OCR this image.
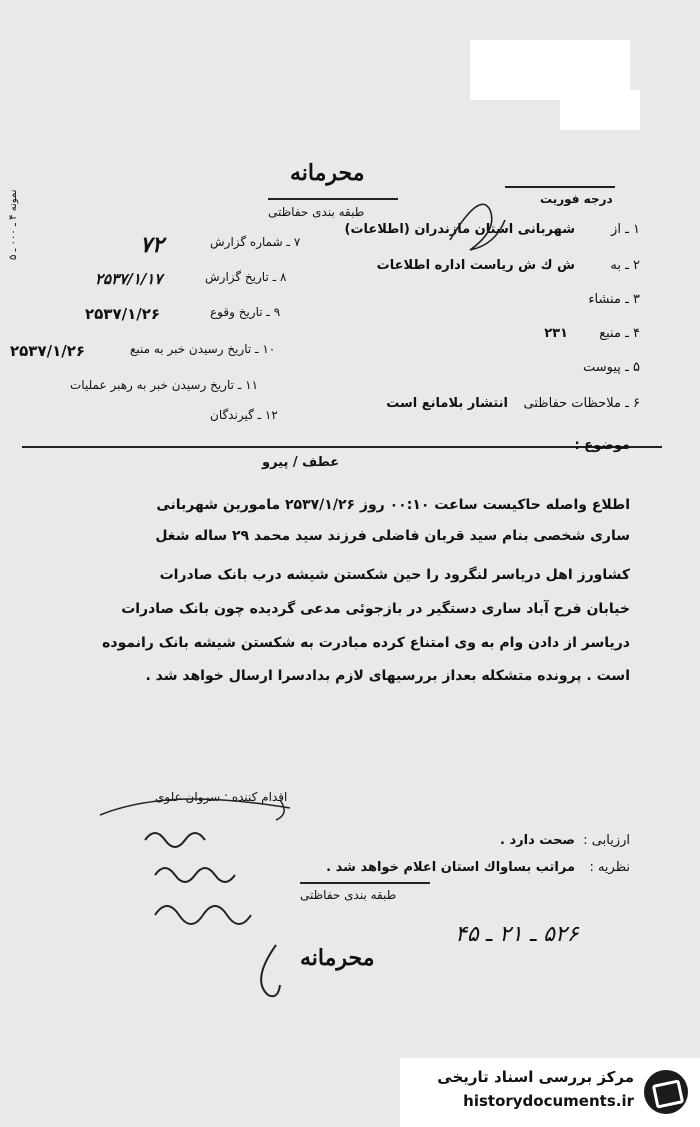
محرمانه
طبقه بندی حفاظتی
درجه فوریت
۱ ـ از
شهربانی استان مازندران (اطلاعات)
۲ ـ به
ش ك ش ریاست اداره اطلاعات
۳ ـ منشاء
۴ ـ منبع
۲۳۱
۵ ـ پیوست
۶ ـ ملاحظات حفاظتی
انتشار بلامانع است
۷ ـ شماره گزارش
۷۲
۸ ـ تاریخ گزارش
۲۵۳۷/۱/۱۷
۹ ـ تاریخ وقوع
۲۵۳۷/۱/۲۶
۱۰ ـ تاریخ رسیدن خبر به منبع
۲۵۳۷/۱/۲۶
۱۱ ـ تاریخ رسیدن خبر به رهبر عملیات
۱۲ ـ گیرندگان
نمونه ۴ ـ ۰۰۰ ـ ۵
موضوع :
عطف / پیرو
اطلاع واصله حاکیست ساعت ۰۰:۱۰ روز ۲۵۳۷/۱/۲۶ مامورین شهربانی
ساری شخصی بنام سید قربان فاضلی فرزند سید محمد ۲۹ ساله شغل
کشاورز اهل دریاسر لنگرود را حین شکستن شیشه درب بانک صادرات
خیابان فرح آباد ساری دستگیر در بازجوئی مدعی گردیده چون بانک صادرات
دریاسر از دادن وام به وی امتناع کرده مبادرت به شکستن شیشه بانک رانموده
است . پرونده متشکله بعداز بررسیهای لازم بدادسرا ارسال خواهد شد .
اقدام کننده : سروان علوی
ارزیابی :
صحت دارد .
نظریه :
مراتب بساواك استان اعلام خواهد شد .
طبقه بندی حفاظتی
۵۲۶ ـ ۲۱ ـ ۴۵
محرمانه
مرکز بررسی اسناد تاریخی
historydocuments.ir
